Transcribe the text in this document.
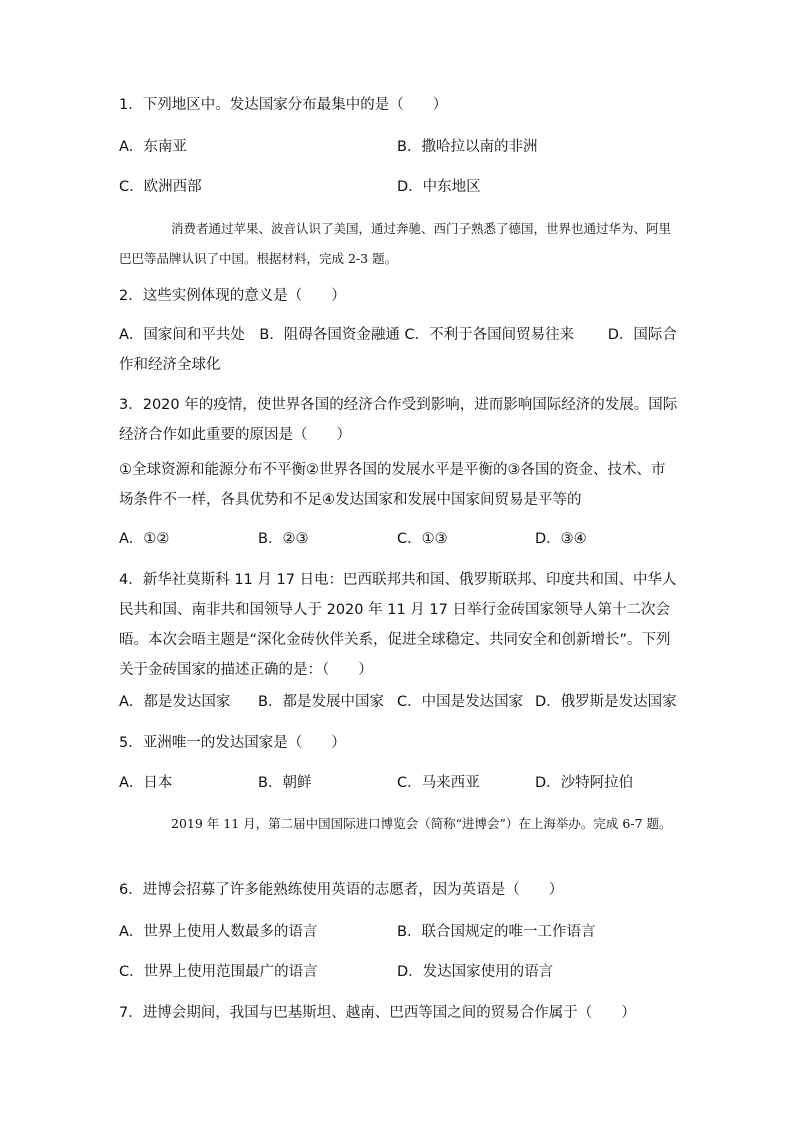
1．下列地区中。发达国家分布最集中的是（　　）
A．东南亚	B．撒哈拉以南的非洲
C．欧洲西部	D．中东地区
消费者通过苹果、波音认识了美国，通过奔驰、西门子熟悉了德国，世界也通过华为、阿里巴巴等品牌认识了中国。根据材料，完成 2-3 题。
2．这些实例体现的意义是（　　）
A．国家间和平共处　B．阻碍各国资金融通 C．不利于各国间贸易往来　　 D．国际合作和经济全球化
3．2020 年的疫情，使世界各国的经济合作受到影响，进而影响国际经济的发展。国际经济合作如此重要的原因是（　　）
①全球资源和能源分布不平衡②世界各国的发展水平是平衡的③各国的资金、技术、市场条件不一样，各具优势和不足④发达国家和发展中国家间贸易是平等的
A．①②	B．②③	C．①③	D．③④
4．新华社莫斯科 11 月 17 日电：巴西联邦共和国、俄罗斯联邦、印度共和国、中华人民共和国、南非共和国领导人于 2020 年 11 月 17 日举行金砖国家领导人第十二次会晤。本次会晤主题是“深化金砖伙伴关系，促进全球稳定、共同安全和创新增长”。下列关于金砖国家的描述正确的是：（　　）
A．都是发达国家 B．都是发展中国家 C．中国是发达国家 D．俄罗斯是发达国家
5．亚洲唯一的发达国家是（　　）
A．日本	B．朝鲜	C．马来西亚	D．沙特阿拉伯
2019 年 11 月，第二届中国国际进口博览会（简称“进博会”）在上海举办。完成 6-7 题。
6．进博会招募了许多能熟练使用英语的志愿者，因为英语是（　　）
A．世界上使用人数最多的语言	B．联合国规定的唯一工作语言
C．世界上使用范围最广的语言	D．发达国家使用的语言
7．进博会期间，我国与巴基斯坦、越南、巴西等国之间的贸易合作属于（　　）
